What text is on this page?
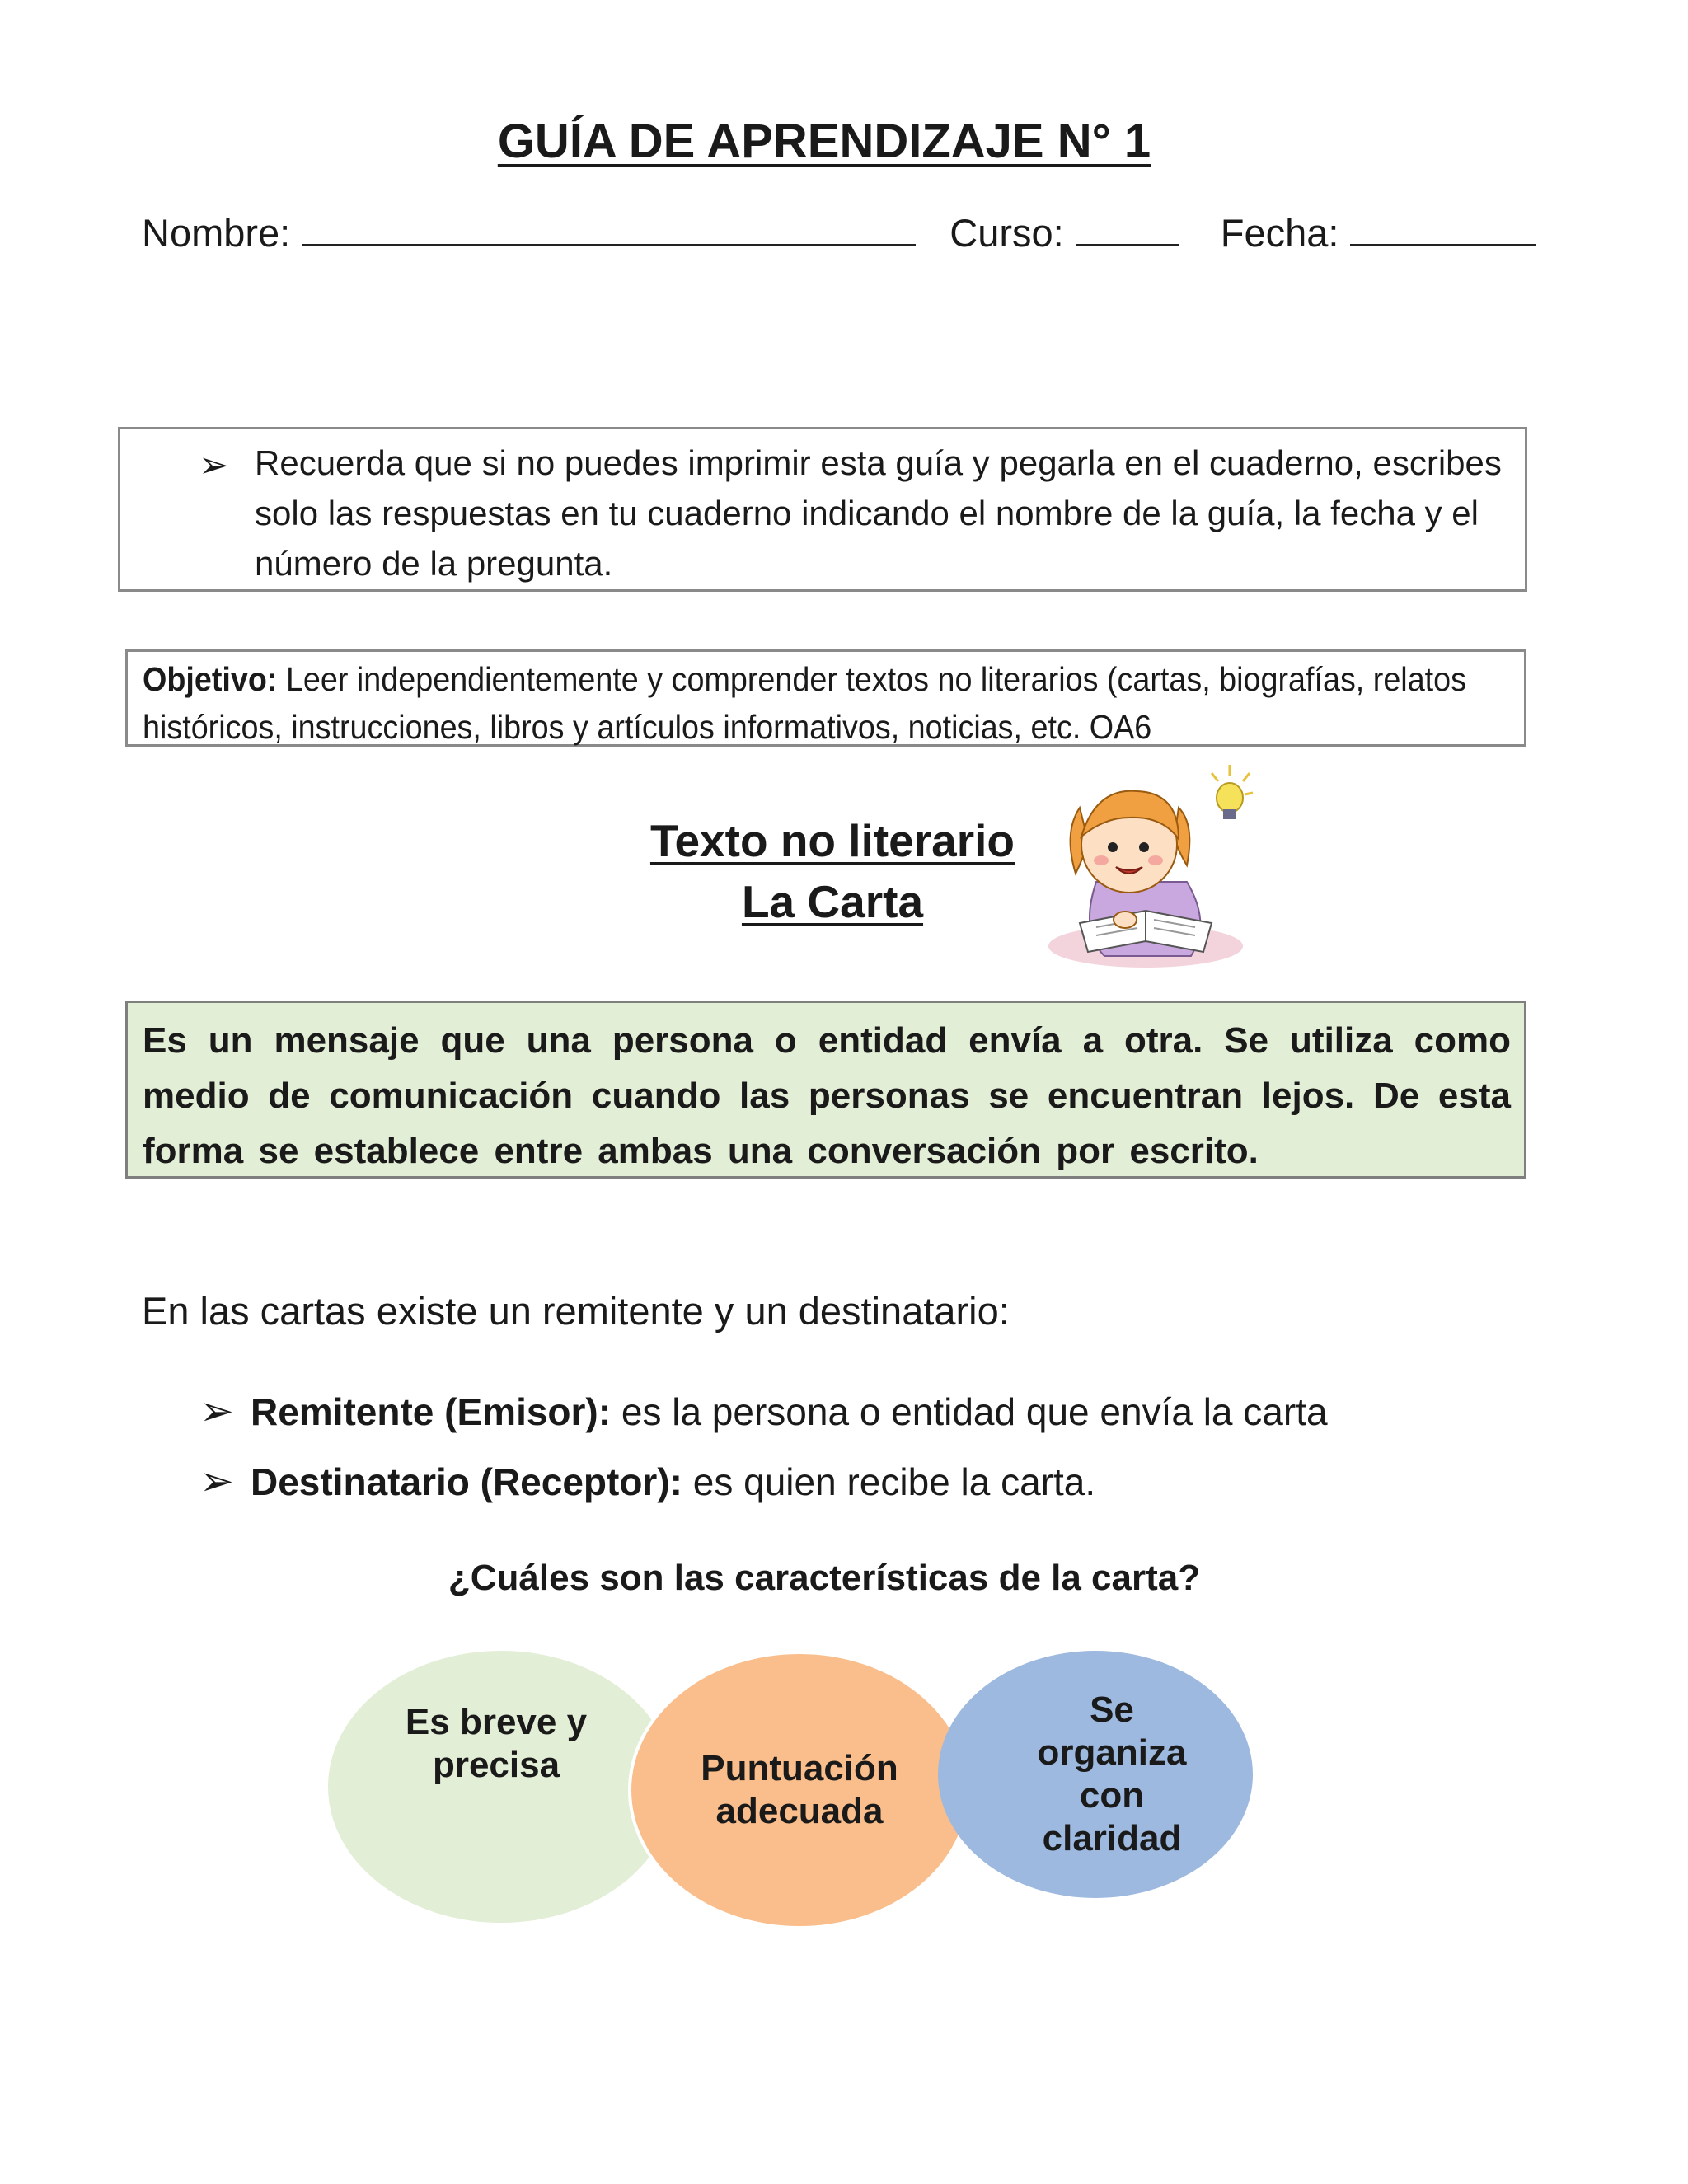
GUÍA DE APRENDIZAJE N° 1
Nombre:	Curso:	Fecha:
➢ Recuerda que si no puedes imprimir esta guía y pegarla en el cuaderno, escribes solo las respuestas en tu cuaderno indicando el nombre de la guía, la fecha y el número de la pregunta.
Objetivo: Leer independientemente y comprender textos no literarios (cartas, biografías, relatos históricos, instrucciones, libros y artículos informativos, noticias, etc. OA6
Texto no literario
La Carta
Es un mensaje que una persona o entidad envía a otra. Se utiliza como medio de comunicación cuando las personas se encuentran lejos. De esta forma se establece entre ambas una conversación por escrito.
En las cartas existe un remitente y un destinatario:
➢ Remitente (Emisor): es la persona o entidad que envía la carta
➢ Destinatario (Receptor): es quien recibe la carta.
¿Cuáles son las características de la carta?
Es breve y precisa	Puntuación adecuada
Se organiza con claridad
